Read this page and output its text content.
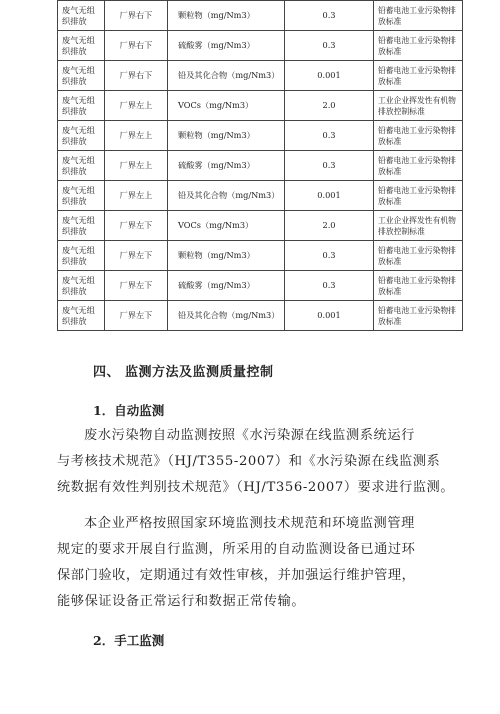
废气无组织排放	厂界右下	颗粒物（mg/Nm3）	0.3	铅蓄电池工业污染物排放标准
废气无组织排放	厂界右下	硫酸雾（mg/Nm3）	0.3	铅蓄电池工业污染物排放标准
废气无组织排放	厂界右下	铅及其化合物（mg/Nm3）	0.001	铅蓄电池工业污染物排放标准
废气无组织排放	厂界左上	VOCs（mg/Nm3）	2.0	工业企业挥发性有机物排放控制标准
废气无组织排放	厂界左上	颗粒物（mg/Nm3）	0.3	铅蓄电池工业污染物排放标准
废气无组织排放	厂界左上	硫酸雾（mg/Nm3）	0.3	铅蓄电池工业污染物排放标准
废气无组织排放	厂界左上	铅及其化合物（mg/Nm3）	0.001	铅蓄电池工业污染物排放标准
废气无组织排放	厂界左下	VOCs（mg/Nm3）	2.0	工业企业挥发性有机物排放控制标准
废气无组织排放	厂界左下	颗粒物（mg/Nm3）	0.3	铅蓄电池工业污染物排放标准
废气无组织排放	厂界左下	硫酸雾（mg/Nm3）	0.3	铅蓄电池工业污染物排放标准
废气无组织排放	厂界左下	铅及其化合物（mg/Nm3）	0.001	铅蓄电池工业污染物排放标准
四、 监测方法及监测质量控制
1．自动监测
废水污染物自动监测按照《水污染源在线监测系统运行
与考核技术规范》（HJ/T355-2007）和《水污染源在线监测系
统数据有效性判别技术规范》（HJ/T356-2007）要求进行监测。
本企业严格按照国家环境监测技术规范和环境监测管理
规定的要求开展自行监测，所采用的自动监测设备已通过环
保部门验收，定期通过有效性审核，并加强运行维护管理，
能够保证设备正常运行和数据正常传输。
2．手工监测
